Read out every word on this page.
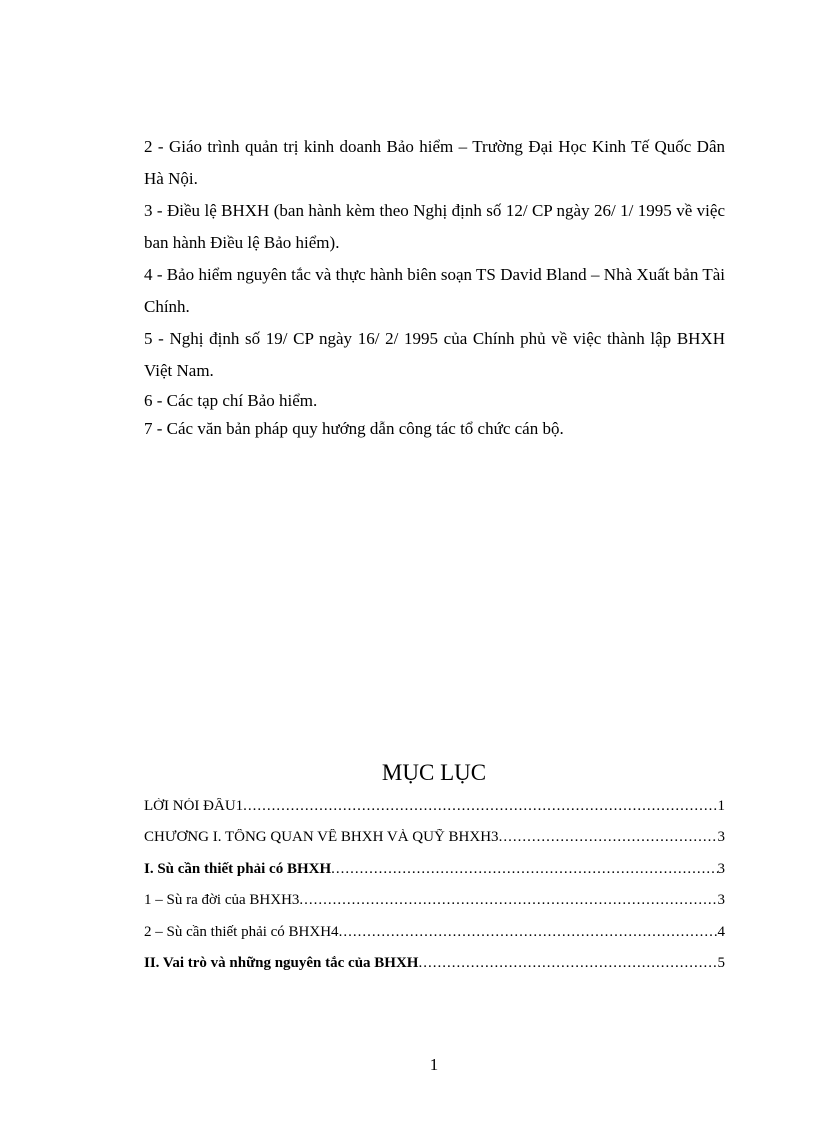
2 - Giáo trình quản trị kinh doanh Bảo hiểm – Trường Đại Học Kinh Tế Quốc Dân Hà Nội.

3 - Điều lệ BHXH (ban hành kèm theo Nghị định số 12/ CP ngày 26/ 1/ 1995 về việc ban hành Điều lệ Bảo hiểm).

4 - Bảo hiểm nguyên tắc và thực hành biên soạn TS David Bland – Nhà Xuất bản Tài Chính.

5 - Nghị định số 19/ CP ngày 16/ 2/ 1995 của Chính phủ về việc thành lập BHXH Việt Nam.

6 - Các tạp chí Bảo hiểm.

7 - Các văn bản pháp quy hướng dẫn công tác tổ chức cán bộ.

MỤC LỤC
LỜI NÓI ĐẦU1 .....	1
CHƯƠNG I. TỔNG QUAN VỀ BHXH VÀ QUỸ BHXH3 .....	3
I. Sù cần thiết phải có BHXH .....	3
1 – Sù ra đời của BHXH3 .....	3
2 – Sù cần thiết phải có BHXH4 .....	4
II. Vai trò và những nguyên tắc của BHXH .....	5
1
